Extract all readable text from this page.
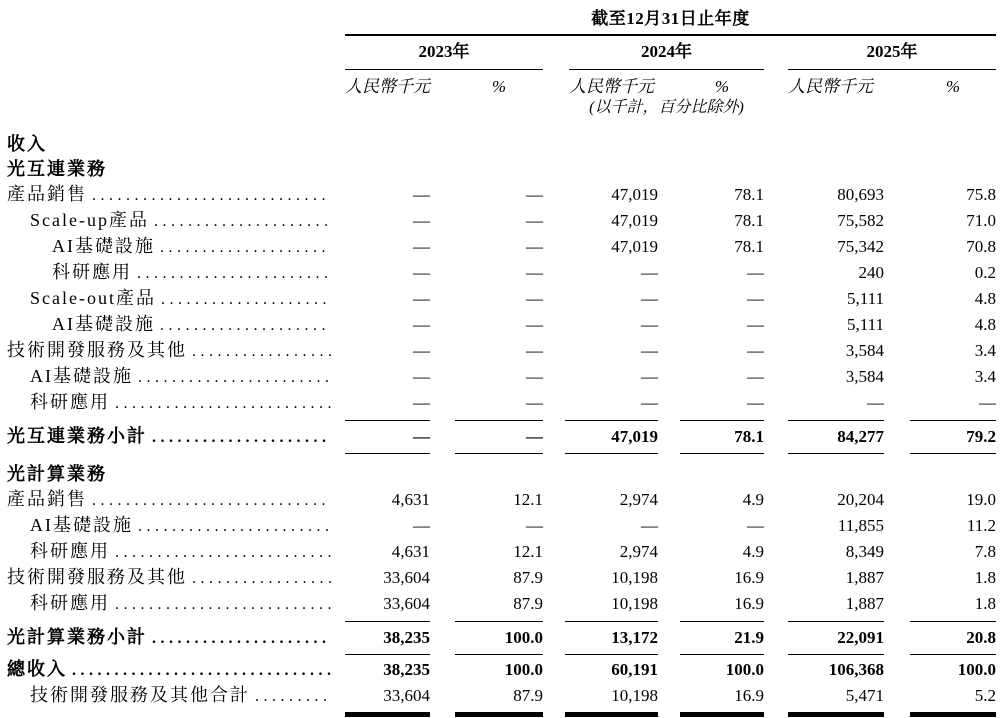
截至12月31日止年度
2023年	2024年	2025年
人民幣千元	%	人民幣千元	%	人民幣千元	%
(以千計，百分比除外)
收入
光互連業務
產品銷售 .....	—	—	47,019	78.1	80,693	75.8
Scale-up產品 .....	—	—	47,019	78.1	75,582	71.0
AI基礎設施 .....	—	—	47,019	78.1	75,342	70.8
科研應用 .....	—	—	—	—	240	0.2
Scale-out產品 .....	—	—	—	—	5,111	4.8
AI基礎設施 .....	—	—	—	—	5,111	4.8
技術開發服務及其他 .....	—	—	—	—	3,584	3.4
AI基礎設施 .....	—	—	—	—	3,584	3.4
科研應用 .....	—	—	—	—	—	—
光互連業務小計 .....	—	—	47,019	78.1	84,277	79.2
光計算業務
產品銷售 .....	4,631	12.1	2,974	4.9	20,204	19.0
AI基礎設施 .....	—	—	—	—	11,855	11.2
科研應用 .....	4,631	12.1	2,974	4.9	8,349	7.8
技術開發服務及其他 .....	33,604	87.9	10,198	16.9	1,887	1.8
科研應用 .....	33,604	87.9	10,198	16.9	1,887	1.8
光計算業務小計 .....	38,235	100.0	13,172	21.9	22,091	20.8
總收入 .....	38,235	100.0	60,191	100.0	106,368	100.0
技術開發服務及其他合計 .....	33,604	87.9	10,198	16.9	5,471	5.2
